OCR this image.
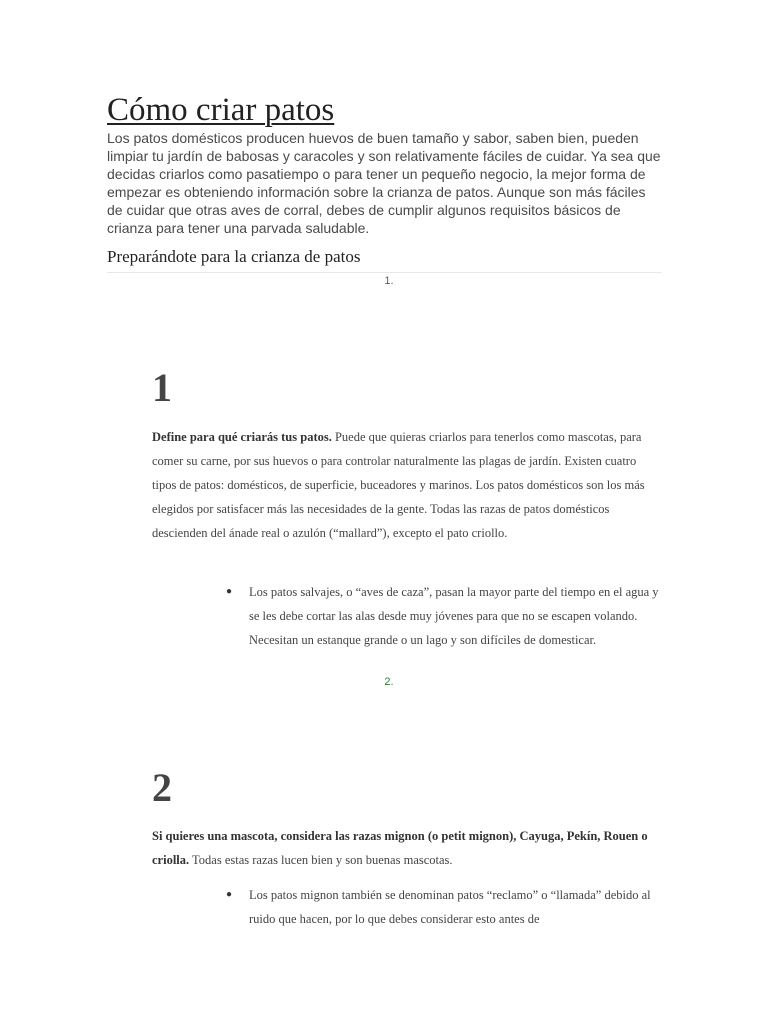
Cómo criar patos

Los patos domésticos producen huevos de buen tamaño y sabor, saben bien, pueden limpiar tu jardín de babosas y caracoles y son relativamente fáciles de cuidar. Ya sea que decidas criarlos como pasatiempo o para tener un pequeño negocio, la mejor forma de empezar es obteniendo información sobre la crianza de patos. Aunque son más fáciles de cuidar que otras aves de corral, debes de cumplir algunos requisitos básicos de crianza para tener una parvada saludable.

Preparándote para la crianza de patos
1.
1

Define para qué criarás tus patos. Puede que quieras criarlos para tenerlos como mascotas, para comer su carne, por sus huevos o para controlar naturalmente las plagas de jardín. Existen cuatro tipos de patos: domésticos, de superficie, buceadores y marinos. Los patos domésticos son los más elegidos por satisfacer más las necesidades de la gente. Todas las razas de patos domésticos descienden del ánade real o azulón (“mallard”), excepto el pato criollo.

● Los patos salvajes, o “aves de caza”, pasan la mayor parte del tiempo en el agua y se les debe cortar las alas desde muy jóvenes para que no se escapen volando. Necesitan un estanque grande o un lago y son difíciles de domesticar.
2.
2

Si quieres una mascota, considera las razas mignon (o petit mignon), Cayuga, Pekín, Rouen o criolla. Todas estas razas lucen bien y son buenas mascotas.

● Los patos mignon también se denominan patos “reclamo” o “llamada” debido al ruido que hacen, por lo que debes considerar esto antes de
